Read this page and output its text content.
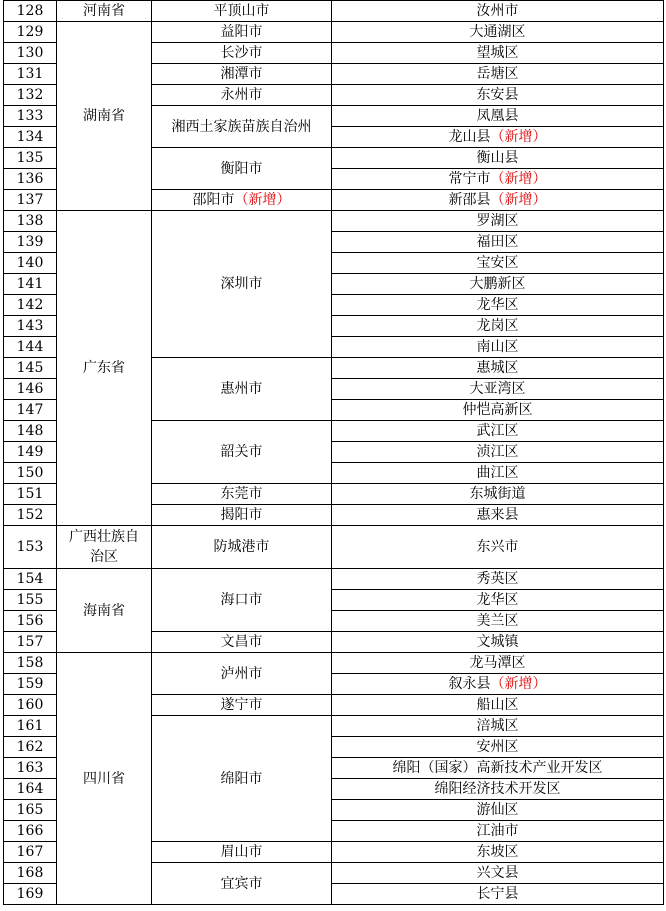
128	河南省	平顶山市	汝州市
129	湖南省	益阳市	大通湖区
130		长沙市	望城区
131		湘潭市	岳塘区
132		永州市	东安县
133		湘西土家族苗族自治州	凤凰县
134			龙山县（新增）
135		衡阳市	衡山县
136			常宁市（新增）
137		邵阳市（新增）	新邵县（新增）
138	广东省	深圳市	罗湖区
139			福田区
140			宝安区
141			大鹏新区
142			龙华区
143			龙岗区
144			南山区
145		惠州市	惠城区
146			大亚湾区
147			仲恺高新区
148		韶关市	武江区
149			浈江区
150			曲江区
151		东莞市	东城街道
152		揭阳市	惠来县
153	广西壮族自治区	防城港市	东兴市
154	海南省	海口市	秀英区
155			龙华区
156			美兰区
157		文昌市	文城镇
158	四川省	泸州市	龙马潭区
159			叙永县（新增）
160		遂宁市	船山区
161		绵阳市	涪城区
162			安州区
163			绵阳（国家）高新技术产业开发区
164			绵阳经济技术开发区
165			游仙区
166			江油市
167		眉山市	东坡区
168		宜宾市	兴文县
169			长宁县
